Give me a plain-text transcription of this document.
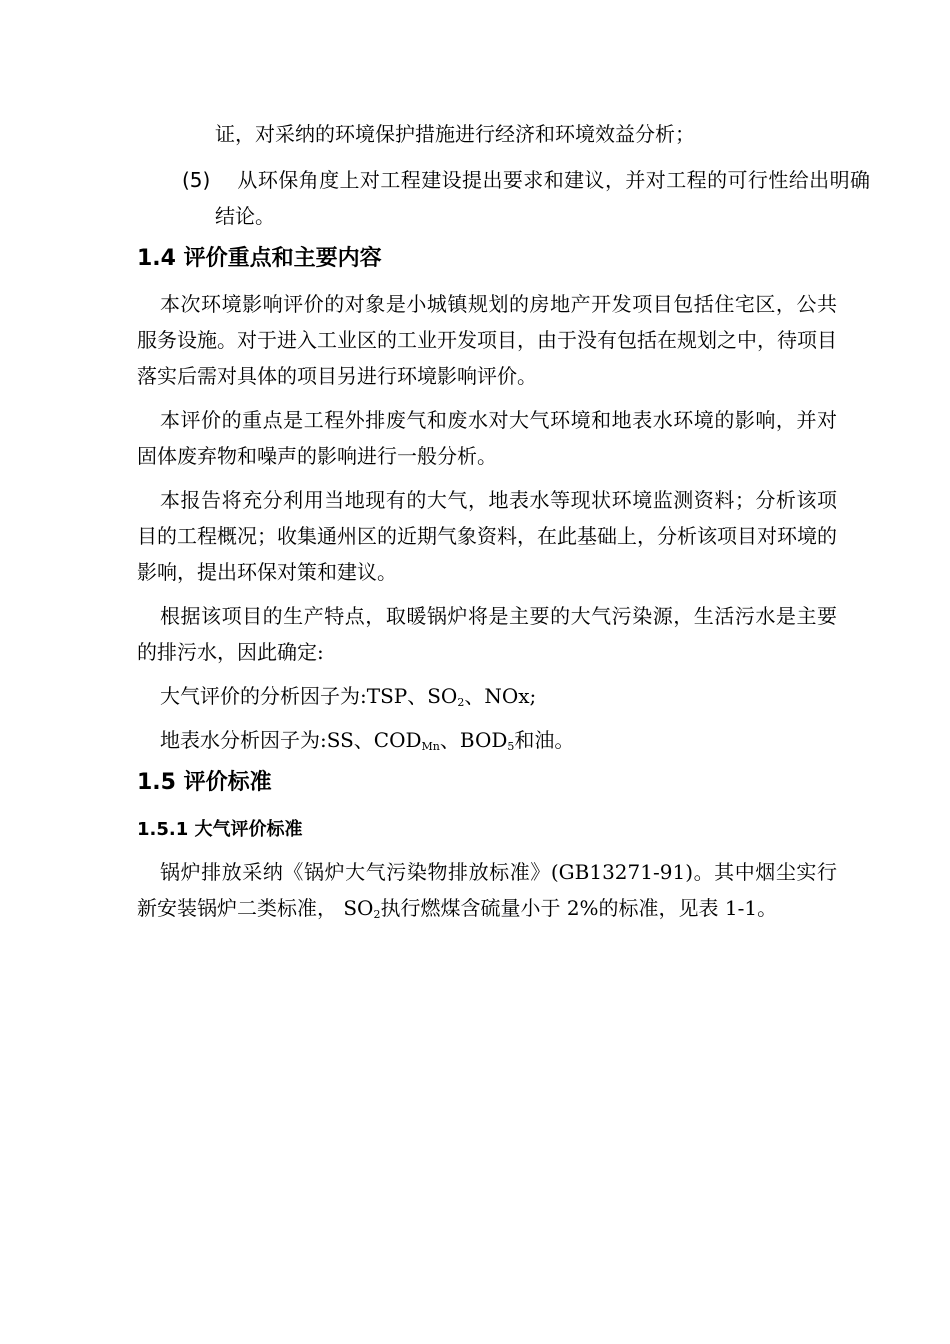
证，对采纳的环境保护措施进行经济和环境效益分析；

(5) 从环保角度上对工程建设提出要求和建议，并对工程的可行性给出明确结论。

1.4 评价重点和主要内容

本次环境影响评价的对象是小城镇规划的房地产开发项目包括住宅区，公共服务设施。对于进入工业区的工业开发项目，由于没有包括在规划之中，待项目落实后需对具体的项目另进行环境影响评价。

本评价的重点是工程外排废气和废水对大气环境和地表水环境的影响，并对固体废弃物和噪声的影响进行一般分析。

本报告将充分利用当地现有的大气，地表水等现状环境监测资料；分析该项目的工程概况；收集通州区的近期气象资料，在此基础上，分析该项目对环境的影响，提出环保对策和建议。

根据该项目的生产特点，取暖锅炉将是主要的大气污染源，生活污水是主要的排污水，因此确定:

大气评价的分析因子为:TSP、$SO_2$、NOx;

地表水分析因子为:SS、$COD_{Mn}$、$BOD_5$和油。

1.5 评价标准
1.5.1 大气评价标准

锅炉排放采纳《锅炉大气污染物排放标准》(GB13271-91)。其中烟尘实行新安装锅炉二类标准， $SO_2$执行燃煤含硫量小于 2%的标准，见表 1-1。
